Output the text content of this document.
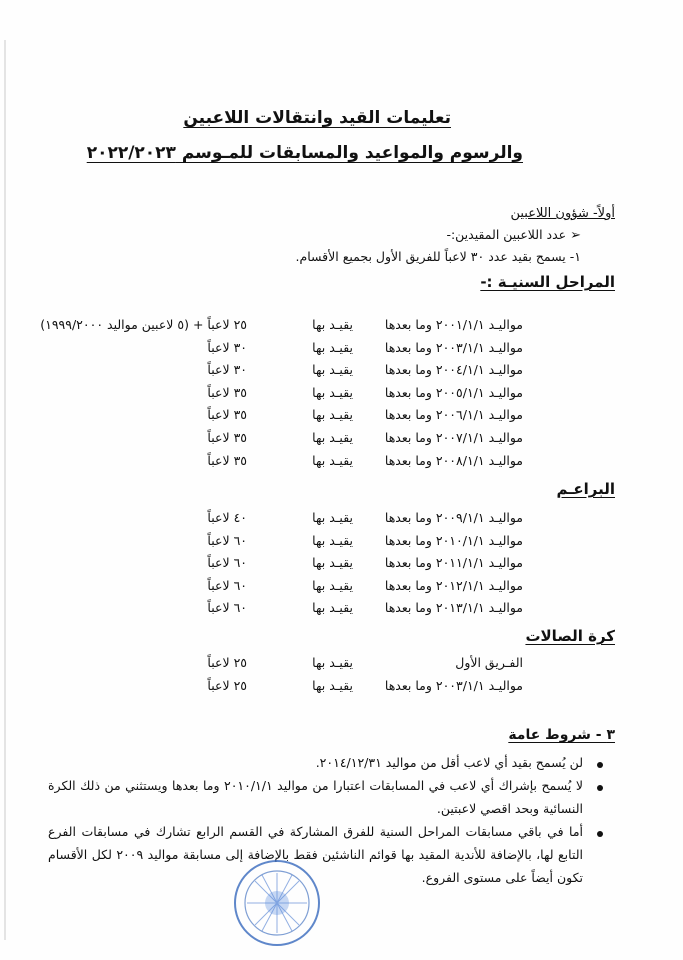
تعليمات القيد وانتقالات اللاعبين
والرسوم والمواعيد والمسابقات للمـوسم ٢٠٢٢/٢٠٢٣
أولاً- شؤون اللاعبين
➢ عدد اللاعبين المقيدين:-
١- يسمح بقيد عدد ٣٠ لاعباً للفريق الأول بجميع الأقسام.
المراحل السنيـة :-
مواليـد ٢٠٠١/١/١ وما بعدها
يقيـد بها
٢٥ لاعباً + (٥ لاعبين مواليد ١٩٩٩/٢٠٠٠)
مواليـد ٢٠٠٣/١/١ وما بعدها
يقيـد بها
٣٠ لاعباً
مواليـد ٢٠٠٤/١/١ وما بعدها
يقيـد بها
٣٠ لاعباً
مواليـد ٢٠٠٥/١/١ وما بعدها
يقيـد بها
٣٥ لاعباً
مواليـد ٢٠٠٦/١/١ وما بعدها
يقيـد بها
٣٥ لاعباً
مواليـد ٢٠٠٧/١/١ وما بعدها
يقيـد بها
٣٥ لاعباً
مواليـد ٢٠٠٨/١/١ وما بعدها
يقيـد بها
٣٥ لاعباً
البراعـم
مواليـد ٢٠٠٩/١/١ وما بعدها
يقيـد بها
٤٠ لاعباً
مواليـد ٢٠١٠/١/١ وما بعدها
يقيـد بها
٦٠ لاعباً
مواليـد ٢٠١١/١/١ وما بعدها
يقيـد بها
٦٠ لاعباً
مواليـد ٢٠١٢/١/١ وما بعدها
يقيـد بها
٦٠ لاعباً
مواليـد ٢٠١٣/١/١ وما بعدها
يقيـد بها
٦٠ لاعباً
كرة الصالات
الفـريق الأول
يقيـد بها
٢٥ لاعباً
مواليـد ٢٠٠٣/١/١ وما بعدها
يقيـد بها
٢٥ لاعباً
٣ - شروط عامة
لن يُسمح بقيد أي لاعب أقل من مواليد ٢٠١٤/١٢/٣١.
لا يُسمح بإشراك أي لاعب في المسابقات اعتبارا من مواليد ٢٠١٠/١/١ وما بعدها ويستثني من ذلك الكرة النسائية وبحد اقصي لاعبتين.
أما في باقي مسابقات المراحل السنية للفرق المشاركة في القسم الرابع تشارك في مسابقات الفرع التابع لها، بالإضافة للأندية المقيد بها قوائم الناشئين فقط بالإضافة إلى مسابقة مواليد ٢٠٠٩ لكل الأقسام تكون أيضاً على مستوى الفروع.
